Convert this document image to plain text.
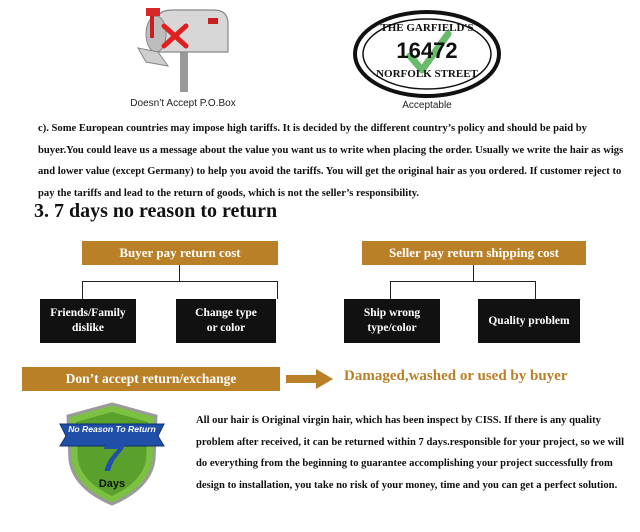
Doesn’t Accept P.O.Box
THE GARFIELD'S
16472
NORFOLK STREET
Acceptable
c). Some European countries may impose high tariffs. It is decided by the different country’s policy and should be paid by buyer.You could leave us a message about the value you want us to write when placing the order. Usually we write the hair as wigs and lower value (except Germany) to help you avoid the tariffs. You will get the original hair as you ordered. If customer reject to pay the tariffs and lead to the return of goods, which is not the seller’s responsibility.
3. 7 days no reason to return
Buyer pay return cost
Friends/Family
dislike
Change type
or color
Seller pay return shipping cost
Ship wrong
type/color
Quality problem
Don’t accept return/exchange	Damaged,washed or used by buyer
No Reason To Return
7
Days
All our hair is Original virgin hair, which has been inspect by CISS. If there is any quality problem after received, it can be returned within 7 days.responsible for your project, so we will do everything from the beginning to guarantee accomplishing your project successfully from design to installation, you take no risk of your money, time and you can get a perfect solution.
